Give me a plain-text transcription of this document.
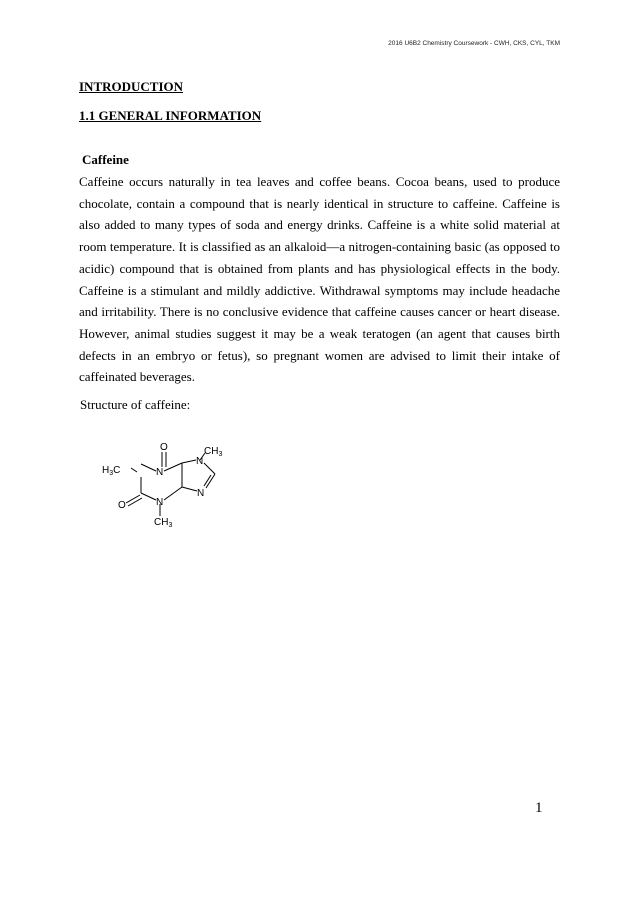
2016 U6B2 Chemistry Coursework - CWH, CKS, CYL, TKM
INTRODUCTION
1.1 GENERAL INFORMATION
Caffeine

Caffeine occurs naturally in tea leaves and coffee beans. Cocoa beans, used to produce chocolate, contain a compound that is nearly identical in structure to caffeine. Caffeine is also added to many types of soda and energy drinks. Caffeine is a white solid material at room temperature. It is classified as an alkaloid—a nitrogen-containing basic (as opposed to acidic) compound that is obtained from plants and has physiological effects in the body. Caffeine is a stimulant and mildly addictive. Withdrawal symptoms may include headache and irritability. There is no conclusive evidence that caffeine causes cancer or heart disease. However, animal studies suggest it may be a weak teratogen (an agent that causes birth defects in an embryo or fetus), so pregnant women are advised to limit their intake of caffeinated beverages.

Structure of caffeine:
O
O
N
N
N
N
$H_3C$
$CH_3$
$CH_3$
1
